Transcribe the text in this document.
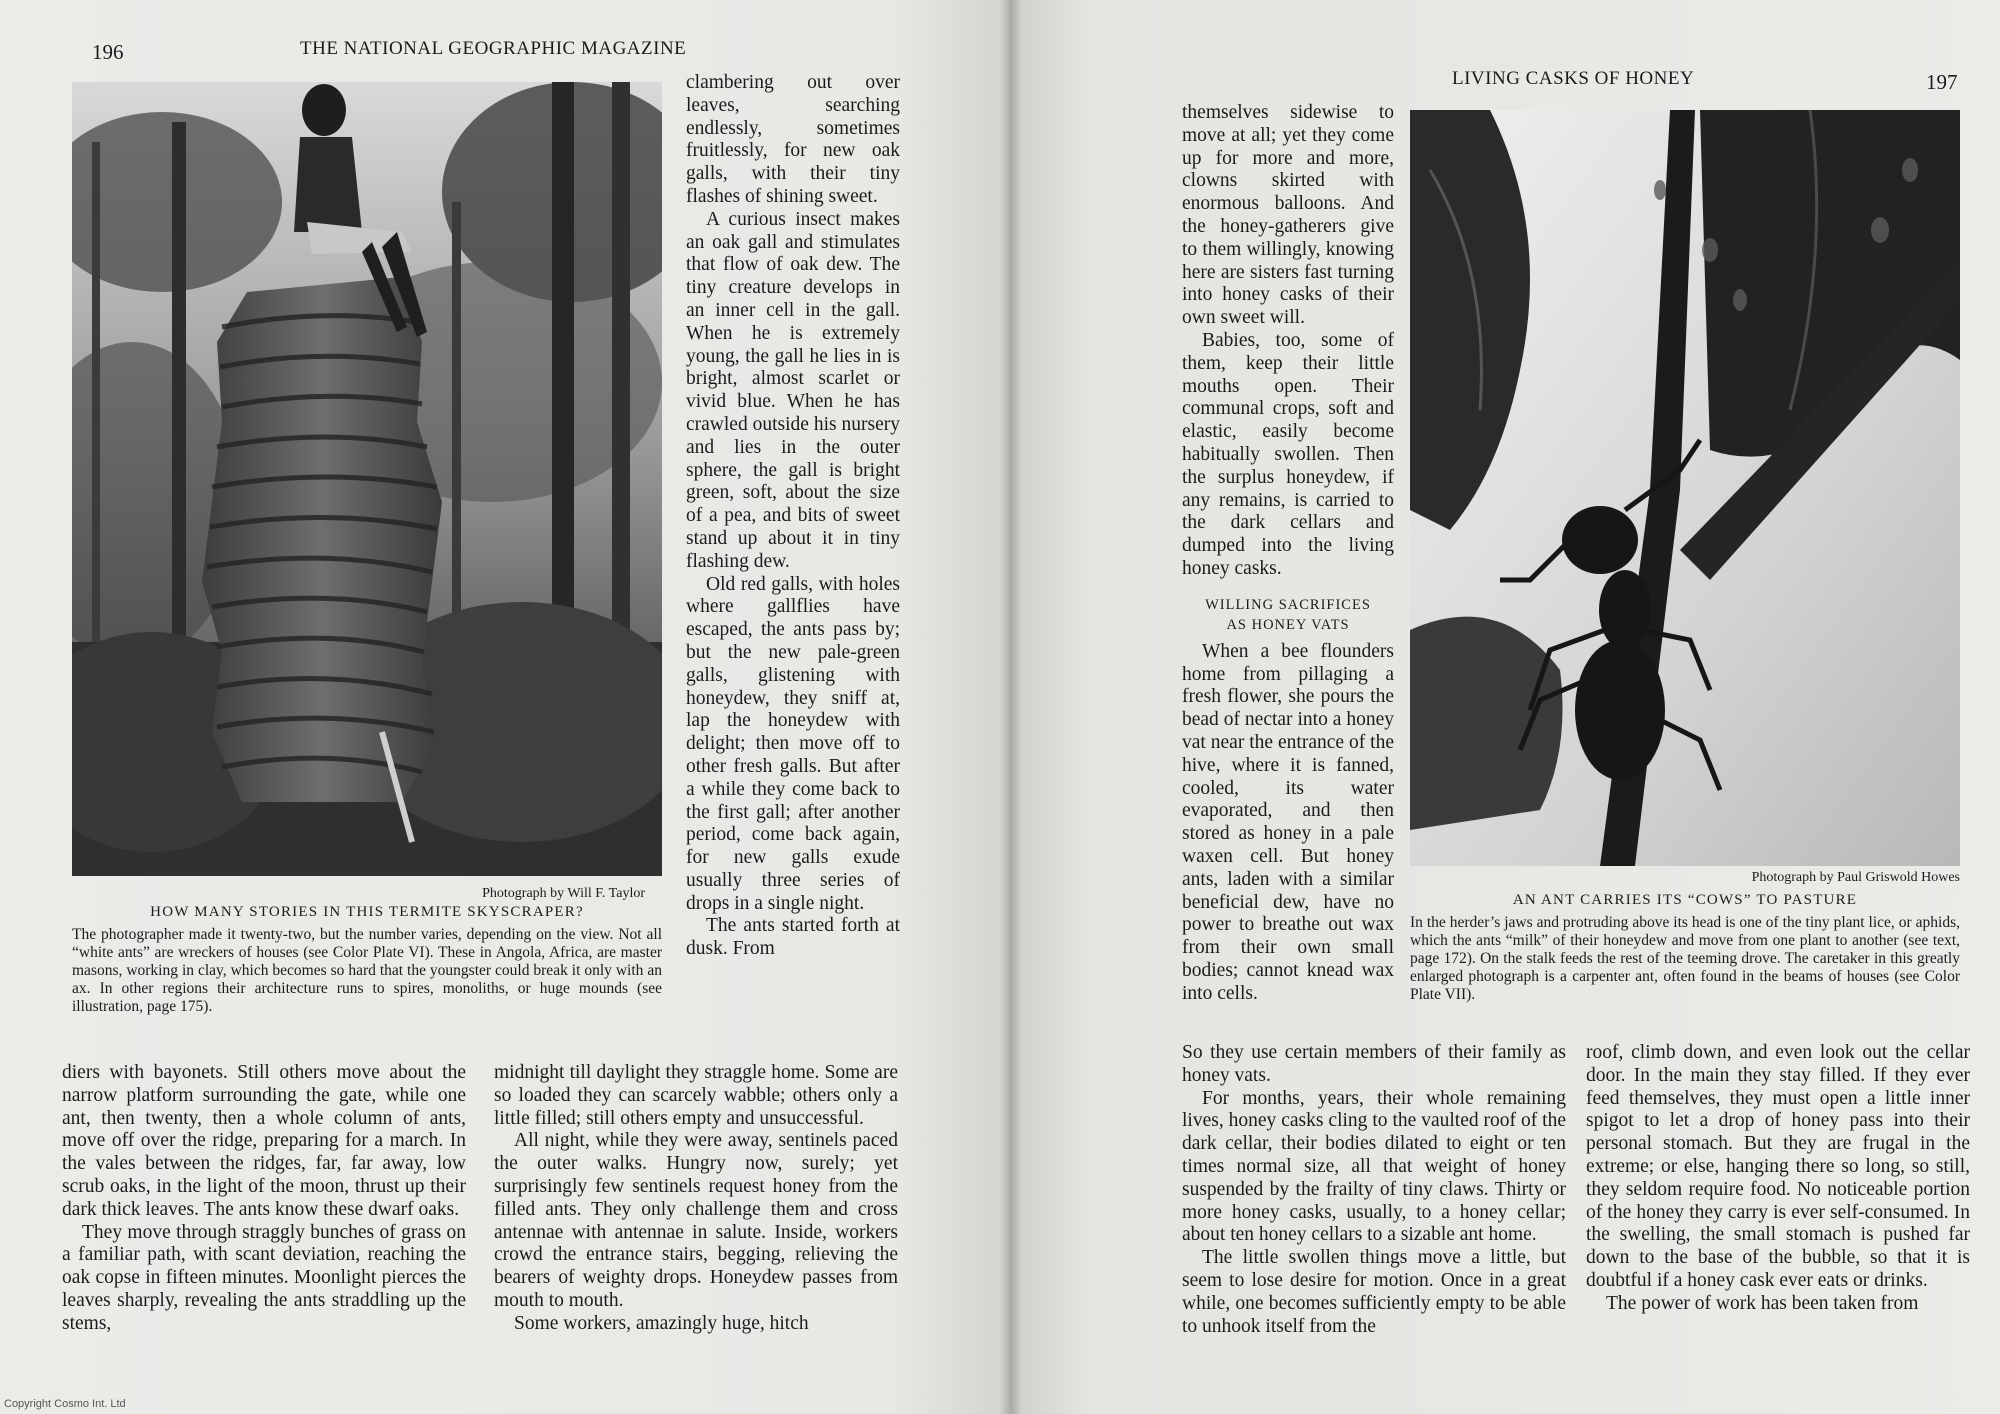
196	THE NATIONAL GEOGRAPHIC MAGAZINE
Photograph by Will F. Taylor
HOW MANY STORIES IN THIS TERMITE SKYSCRAPER?
The photographer made it twenty-two, but the number varies, depending on the view. Not all “white ants” are wreckers of houses (see Color Plate VI). These in Angola, Africa, are master masons, working in clay, which becomes so hard that the youngster could break it only with an ax. In other regions their architecture runs to spires, monoliths, or huge mounds (see illustration, page 175).

clambering out over leaves, searching endlessly, sometimes fruitlessly, for new oak galls, with their tiny flashes of shining sweet.

A curious insect makes an oak gall and stimulates that flow of oak dew. The tiny creature develops in an inner cell in the gall. When he is extremely young, the gall he lies in is bright, almost scarlet or vivid blue. When he has crawled outside his nursery and lies in the outer sphere, the gall is bright green, soft, about the size of a pea, and bits of sweet stand up about it in tiny flashing dew.

Old red galls, with holes where gallflies have escaped, the ants pass by; but the new pale-green galls, glistening with honeydew, they sniff at, lap the honeydew with delight; then move off to other fresh galls. But after a while they come back to the first gall; after another period, come back again, for new galls exude usually three series of drops in a single night.

The ants started forth at dusk. From

diers with bayonets. Still others move about the narrow platform surrounding the gate, while one ant, then twenty, then a whole column of ants, move off over the ridge, preparing for a march. In the vales between the ridges, far, far away, low scrub oaks, in the light of the moon, thrust up their dark thick leaves. The ants know these dwarf oaks.

They move through straggly bunches of grass on a familiar path, with scant deviation, reaching the oak copse in fifteen minutes. Moonlight pierces the leaves sharply, revealing the ants straddling up the stems,

midnight till daylight they straggle home. Some are so loaded they can scarcely wabble; others only a little filled; still others empty and unsuccessful.

All night, while they were away, sentinels paced the outer walks. Hungry now, surely; yet surprisingly few sentinels request honey from the filled ants. They only challenge them and cross antennae with antennae in salute. Inside, workers crowd the entrance stairs, begging, relieving the bearers of weighty drops. Honeydew passes from mouth to mouth.

Some workers, amazingly huge, hitch

LIVING CASKS OF HONEY	197

themselves sidewise to move at all; yet they come up for more and more, clowns skirted with enormous balloons. And the honey-gatherers give to them willingly, knowing here are sisters fast turning into honey casks of their own sweet will.

Babies, too, some of them, keep their little mouths open. Their communal crops, soft and elastic, easily become habitually swollen. Then the surplus honeydew, if any remains, is carried to the dark cellars and dumped into the living honey casks.

WILLING SACRIFICES
AS HONEY VATS

When a bee flounders home from pillaging a fresh flower, she pours the bead of nectar into a honey vat near the entrance of the hive, where it is fanned, cooled, its water evaporated, and then stored as honey in a pale waxen cell. But honey ants, laden with a similar beneficial dew, have no power to breathe out wax from their own small bodies; cannot knead wax into cells.

Photograph by Paul Griswold Howes
AN ANT CARRIES ITS “COWS” TO PASTURE
In the herder’s jaws and protruding above its head is one of the tiny plant lice, or aphids, which the ants “milk” of their honeydew and move from one plant to another (see text, page 172). On the stalk feeds the rest of the teeming drove. The caretaker in this greatly enlarged photograph is a carpenter ant, often found in the beams of houses (see Color Plate VII).

So they use certain members of their family as honey vats.

For months, years, their whole remaining lives, honey casks cling to the vaulted roof of the dark cellar, their bodies dilated to eight or ten times normal size, all that weight of honey suspended by the frailty of tiny claws. Thirty or more honey casks, usually, to a honey cellar; about ten honey cellars to a sizable ant home.

The little swollen things move a little, but seem to lose desire for motion. Once in a great while, one becomes sufficiently empty to be able to unhook itself from the

roof, climb down, and even look out the cellar door. In the main they stay filled. If they ever feed themselves, they must open a little inner spigot to let a drop of honey pass into their personal stomach. But they are frugal in the extreme; or else, hanging there so long, so still, they seldom require food. No noticeable portion of the honey they carry is ever self-consumed. In the swelling, the small stomach is pushed far down to the base of the bubble, so that it is doubtful if a honey cask ever eats or drinks.

The power of work has been taken from

Copyright Cosmo Int. Ltd
